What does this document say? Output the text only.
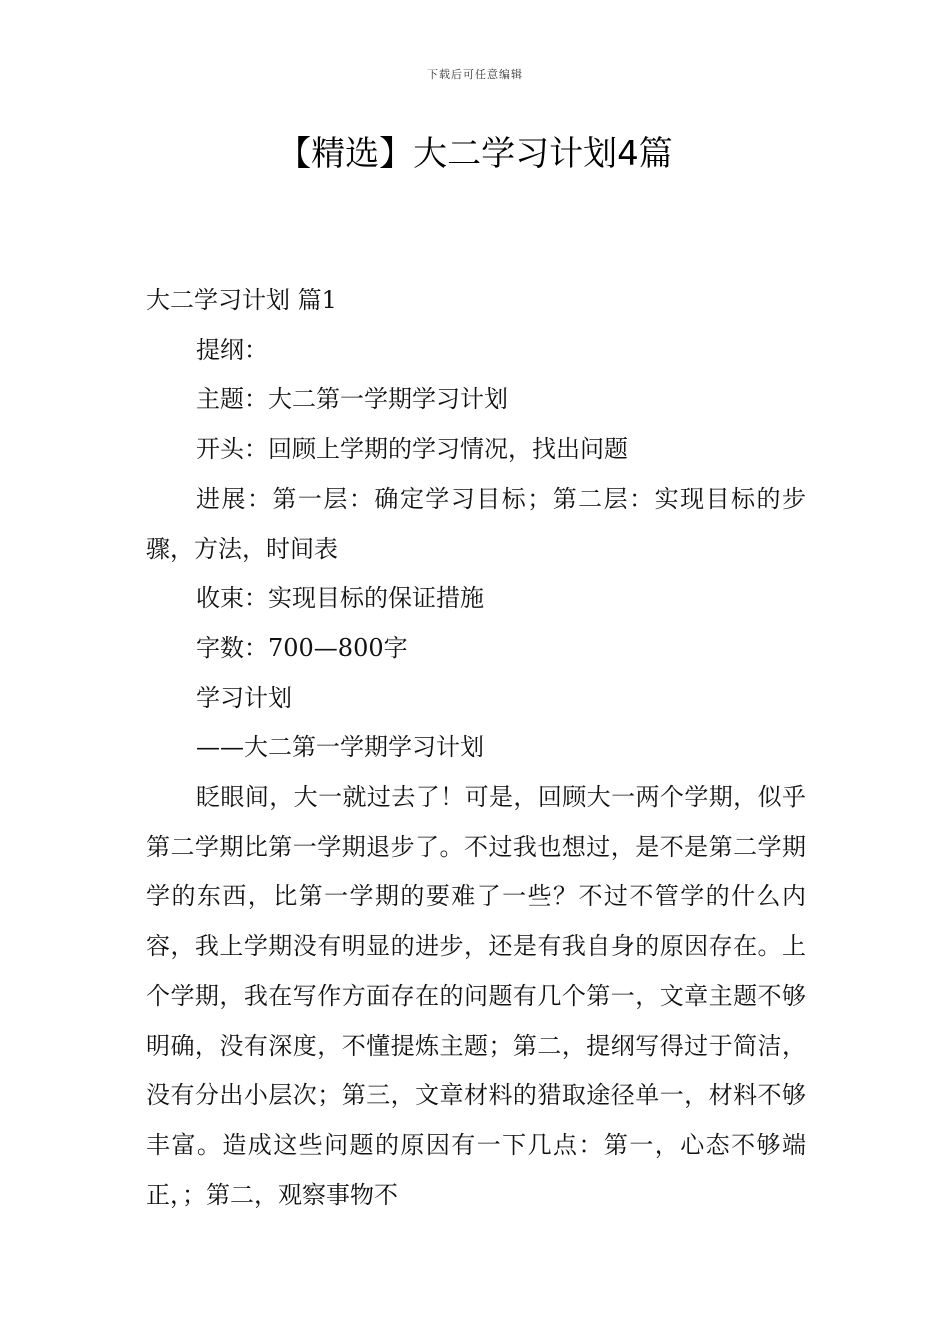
下载后可任意编辑
【精选】大二学习计划4篇

大二学习计划 篇1

提纲：

主题：大二第一学期学习计划

开头：回顾上学期的学习情况，找出问题

进展：第一层：确定学习目标；第二层：实现目标的步骤，方法，时间表

收束：实现目标的保证措施

字数：700—800字

学习计划

——大二第一学期学习计划

眨眼间，大一就过去了！可是，回顾大一两个学期，似乎第二学期比第一学期退步了。不过我也想过，是不是第二学期学的东西，比第一学期的要难了一些？不过不管学的什么内容，我上学期没有明显的进步，还是有我自身的原因存在。上个学期，我在写作方面存在的问题有几个第一，文章主题不够明确，没有深度，不懂提炼主题；第二，提纲写得过于简洁，没有分出小层次；第三，文章材料的猎取途径单一，材料不够丰富。造成这些问题的原因有一下几点：第一，心态不够端正，；第二，观察事物不
